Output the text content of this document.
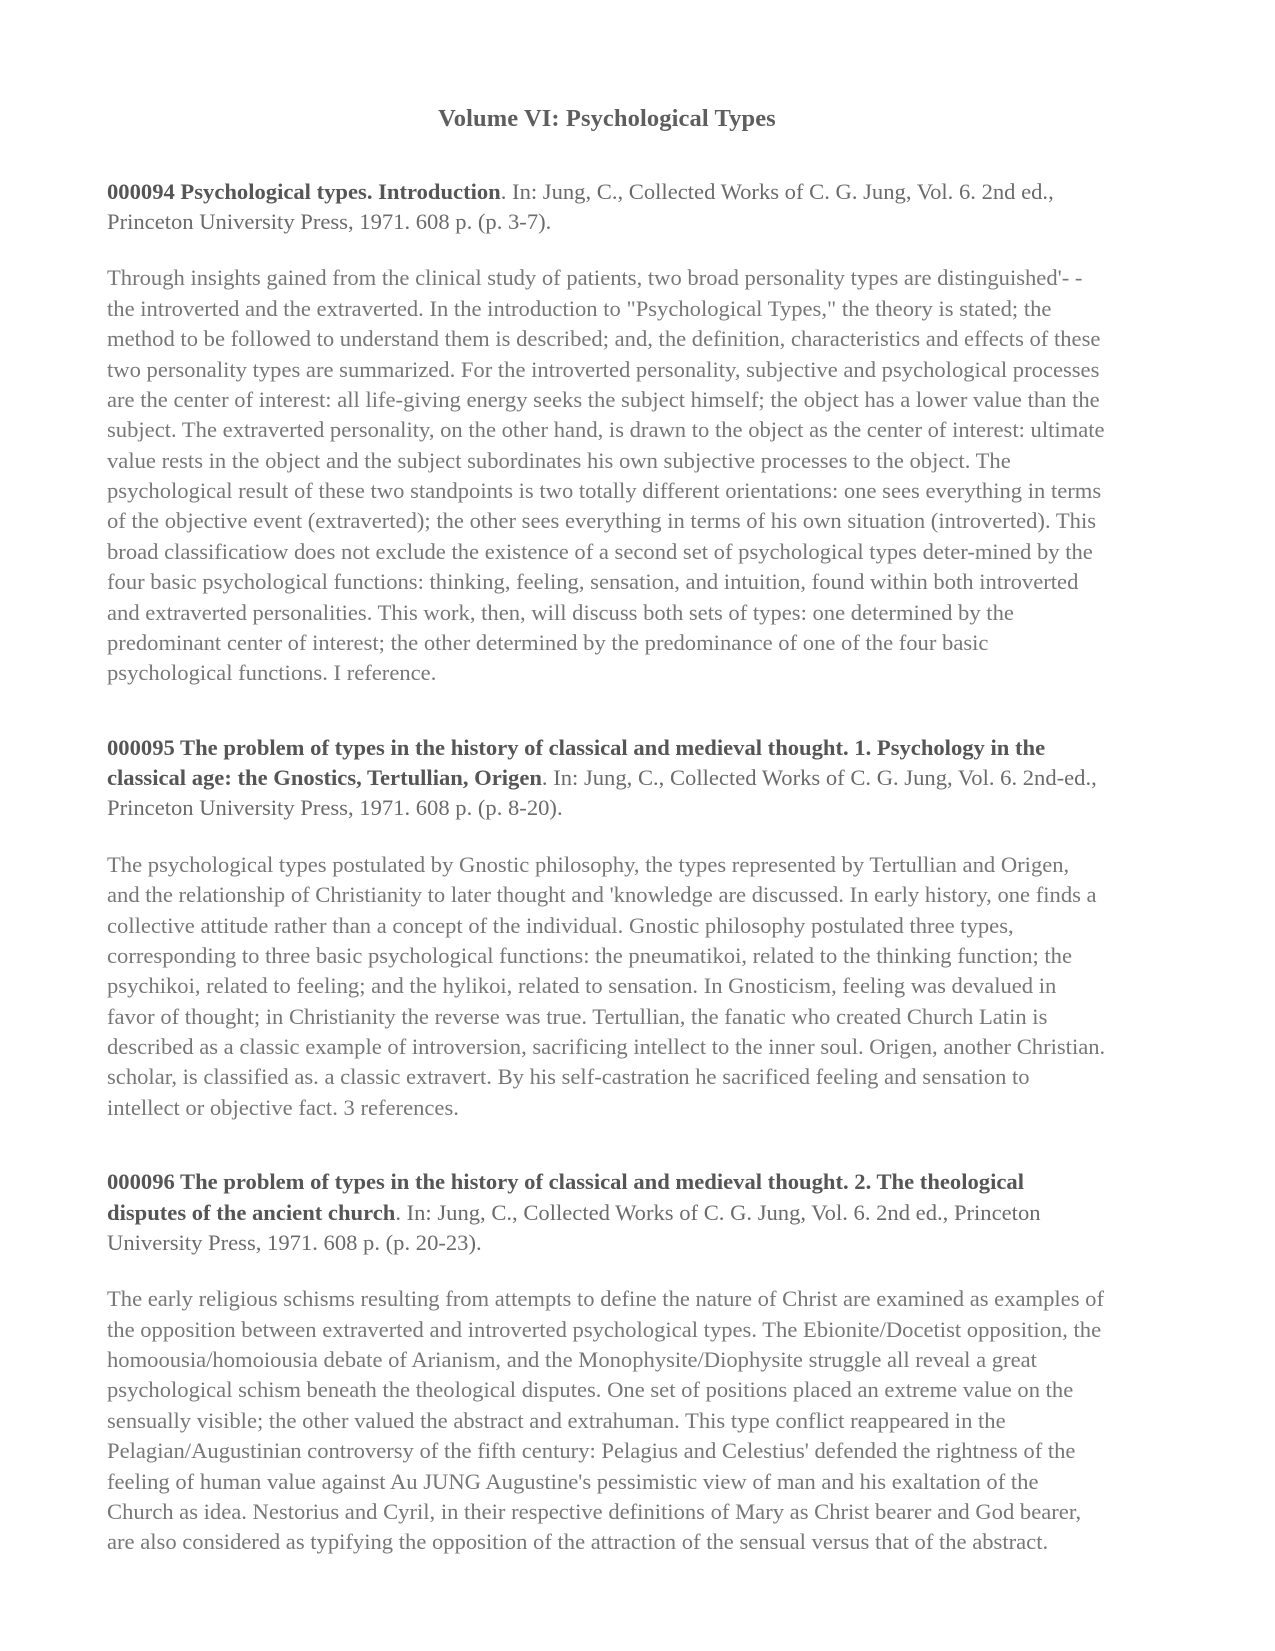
Volume VI: Psychological Types

000094 Psychological types. Introduction. In: Jung, C., Collected Works of C. G. Jung, Vol. 6. 2nd ed., Princeton University Press, 1971. 608 p. (p. 3-7).

Through insights gained from the clinical study of patients, two broad personality types are distinguished'- -the introverted and the extraverted. In the introduction to "Psychological Types," the theory is stated; the method to be followed to understand them is described; and, the definition, characteristics and effects of these two personality types are summarized. For the introverted personality, subjective and psychological processes are the center of interest: all life-giving energy seeks the subject himself; the object has a lower value than the subject. The extraverted personality, on the other hand, is drawn to the object as the center of interest: ultimate value rests in the object and the subject subordinates his own subjective processes to the object. The psychological result of these two standpoints is two totally different orientations: one sees everything in terms of the objective event (extraverted); the other sees everything in terms of his own situation (introverted). This broad classificatiow does not exclude the existence of a second set of psychological types deter-mined by the four basic psychological functions: thinking, feeling, sensation, and intuition, found within both introverted and extraverted personalities. This work, then, will discuss both sets of types: one determined by the predominant center of interest; the other determined by the predominance of one of the four basic psychological functions. I reference.

000095 The problem of types in the history of classical and medieval thought. 1. Psychology in the classical age: the Gnostics, Tertullian, Origen. In: Jung, C., Collected Works of C. G. Jung, Vol. 6. 2nd-ed., Princeton University Press, 1971. 608 p. (p. 8-20).

The psychological types postulated by Gnostic philosophy, the types represented by Tertullian and Origen, and the relationship of Christianity to later thought and 'knowledge are discussed. In early history, one finds a collective attitude rather than a concept of the individual. Gnostic philosophy postulated three types, corresponding to three basic psychological functions: the pneumatikoi, related to the thinking function; the psychikoi, related to feeling; and the hylikoi, related to sensation. In Gnosticism, feeling was devalued in favor of thought; in Christianity the reverse was true. Tertullian, the fanatic who created Church Latin is described as a classic example of introversion, sacrificing intellect to the inner soul. Origen, another Christian. scholar, is classified as. a classic extravert. By his self-castration he sacrificed feeling and sensation to intellect or objective fact. 3 references.

000096 The problem of types in the history of classical and medieval thought. 2. The theological disputes of the ancient church. In: Jung, C., Collected Works of C. G. Jung, Vol. 6. 2nd ed., Princeton University Press, 1971. 608 p. (p. 20-23).

The early religious schisms resulting from attempts to define the nature of Christ are examined as examples of the opposition between extraverted and introverted psychological types. The Ebionite/Docetist opposition, the homoousia/homoiousia debate of Arianism, and the Monophysite/Diophysite struggle all reveal a great psychological schism beneath the theological disputes. One set of positions placed an extreme value on the sensually visible; the other valued the abstract and extrahuman. This type conflict reappeared in the Pelagian/Augustinian controversy of the fifth century: Pelagius and Celestius' defended the rightness of the feeling of human value against Au JUNG Augustine's pessimistic view of man and his exaltation of the Church as idea. Nestorius and Cyril, in their respective definitions of Mary as Christ bearer and God bearer, are also considered as typifying the opposition of the attraction of the sensual versus that of the abstract.
